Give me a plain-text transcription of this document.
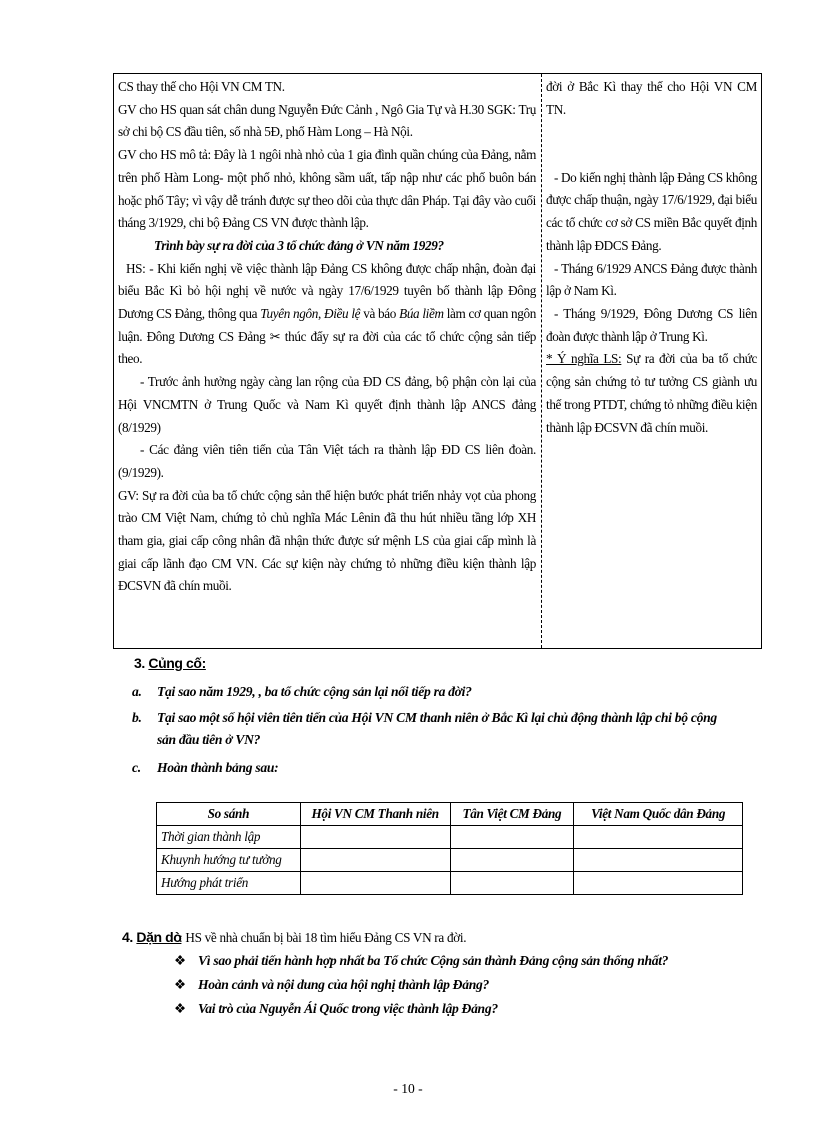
CS thay thế cho Hội VN CM TN.

GV cho HS quan sát chân dung Nguyễn Đức Cảnh , Ngô Gia Tự và H.30 SGK: Trụ sở chi bộ CS đầu tiên, số nhà 5Đ, phố Hàm Long – Hà Nội.

GV cho HS mô tả: Đây là 1 ngôi nhà nhỏ của 1 gia đình quần chúng của Đảng, nằm trên phố Hàm Long- một phố nhỏ, không sầm uất, tấp nập như các phố buôn bán hoặc phố Tây; vì vậy dễ tránh được sự theo dõi của thực dân Pháp. Tại đây vào cuối tháng 3/1929, chi bộ Đảng CS VN được thành lập.

Trình bày sự ra đời của 3 tổ chức đảng ở VN năm 1929?

HS: - Khi kiến nghị về việc thành lập Đảng CS không được chấp nhận, đoàn đại biểu Bắc Kì bỏ hội nghị về nước và ngày 17/6/1929 tuyên bố thành lập Đông Dương CS Đảng, thông qua Tuyên ngôn, Điều lệ và báo Búa liềm làm cơ quan ngôn luận. Đông Dương CS Đảng ✂ thúc đẩy sự ra đời của các tổ chức cộng sản tiếp theo.

- Trước ảnh hưởng ngày càng lan rộng của ĐD CS đảng, bộ phận còn lại của Hội VNCMTN ở Trung Quốc và Nam Kì quyết định thành lập ANCS đảng (8/1929)

- Các đảng viên tiên tiến của Tân Việt tách ra thành lập ĐD CS liên đoàn. (9/1929).

GV: Sự ra đời của ba tổ chức cộng sản thể hiện bước phát triển nhảy vọt của phong trào CM Việt Nam, chứng tỏ chủ nghĩa Mác Lênin đã thu hút nhiều tầng lớp XH tham gia, giai cấp công nhân đã nhận thức được sứ mệnh LS của giai cấp mình là giai cấp lãnh đạo CM VN. Các sự kiện này chứng tỏ những điều kiện thành lập ĐCSVN đã chín muồi.

đời ở Bắc Kì thay thế cho Hội VN CM TN.

- Do kiến nghị thành lập Đảng CS không được chấp thuận, ngày 17/6/1929, đại biểu các tổ chức cơ sở CS miền Bắc quyết định thành lập ĐDCS Đảng.

- Tháng 6/1929 ANCS Đảng được thành lập ở Nam Kì.

- Tháng 9/1929, Đông Dương CS liên đoàn được thành lập ở Trung Kì.

* Ý nghĩa LS: Sự ra đời của ba tổ chức cộng sản chứng tỏ tư tưởng CS giành ưu thế trong PTDT, chứng tỏ những điều kiện thành lập ĐCSVN đã chín muồi.

3. Củng cố:
a. Tại sao năm 1929, , ba tổ chức cộng sản lại nối tiếp ra đời?
b. Tại sao một số hội viên tiên tiến của Hội VN CM thanh niên ở Bắc Kì lại chủ động thành lập chi bộ cộng sản đầu tiên ở VN?
c. Hoàn thành bảng sau:
So sánh	Hội VN CM Thanh niên	Tân Việt CM Đảng	Việt Nam Quốc dân Đảng
Thời gian thành lập			
Khuynh hướng tư tưởng			
Hướng phát triển			
4. Dặn dò
: HS về nhà chuẩn bị bài 18 tìm hiểu Đảng CS VN ra đời.
❖ Vì sao phải tiến hành hợp nhất ba Tổ chức Cộng sản thành Đảng cộng sản thống nhất?
❖ Hoàn cảnh và nội dung của hội nghị thành lập Đảng?
❖ Vai trò của Nguyễn Ái Quốc trong việc thành lập Đảng?
- 10 -
